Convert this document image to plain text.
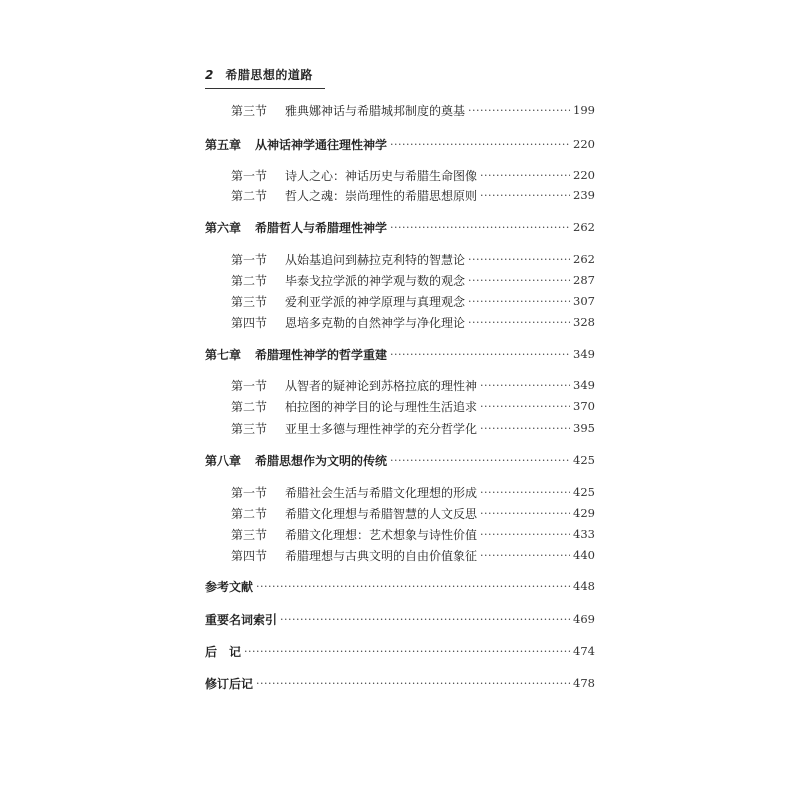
2 希腊思想的道路
第三节	雅典娜神话与希腊城邦制度的奠基 ·····	199
第五章	从神话神学通往理性神学 ·····	220
第一节	诗人之心：神话历史与希腊生命图像 ·····	220
第二节	哲人之魂：崇尚理性的希腊思想原则 ·····	239
第六章	希腊哲人与希腊理性神学 ·····	262
第一节	从始基追问到赫拉克利特的智慧论 ·····	262
第二节	毕泰戈拉学派的神学观与数的观念 ·····	287
第三节	爱利亚学派的神学原理与真理观念 ·····	307
第四节	恩培多克勒的自然神学与净化理论 ·····	328
第七章	希腊理性神学的哲学重建 ·····	349
第一节	从智者的疑神论到苏格拉底的理性神 ·····	349
第二节	柏拉图的神学目的论与理性生活追求 ·····	370
第三节	亚里士多德与理性神学的充分哲学化 ·····	395
第八章	希腊思想作为文明的传统 ·····	425
第一节	希腊社会生活与希腊文化理想的形成 ·····	425
第二节	希腊文化理想与希腊智慧的人文反思 ·····	429
第三节	希腊文化理想：艺术想象与诗性价值 ·····	433
第四节	希腊理想与古典文明的自由价值象征 ·····	440
参考文献 ·····	448
重要名词索引 ·····	469
后　记 ·····	474
修订后记 ·····	478
